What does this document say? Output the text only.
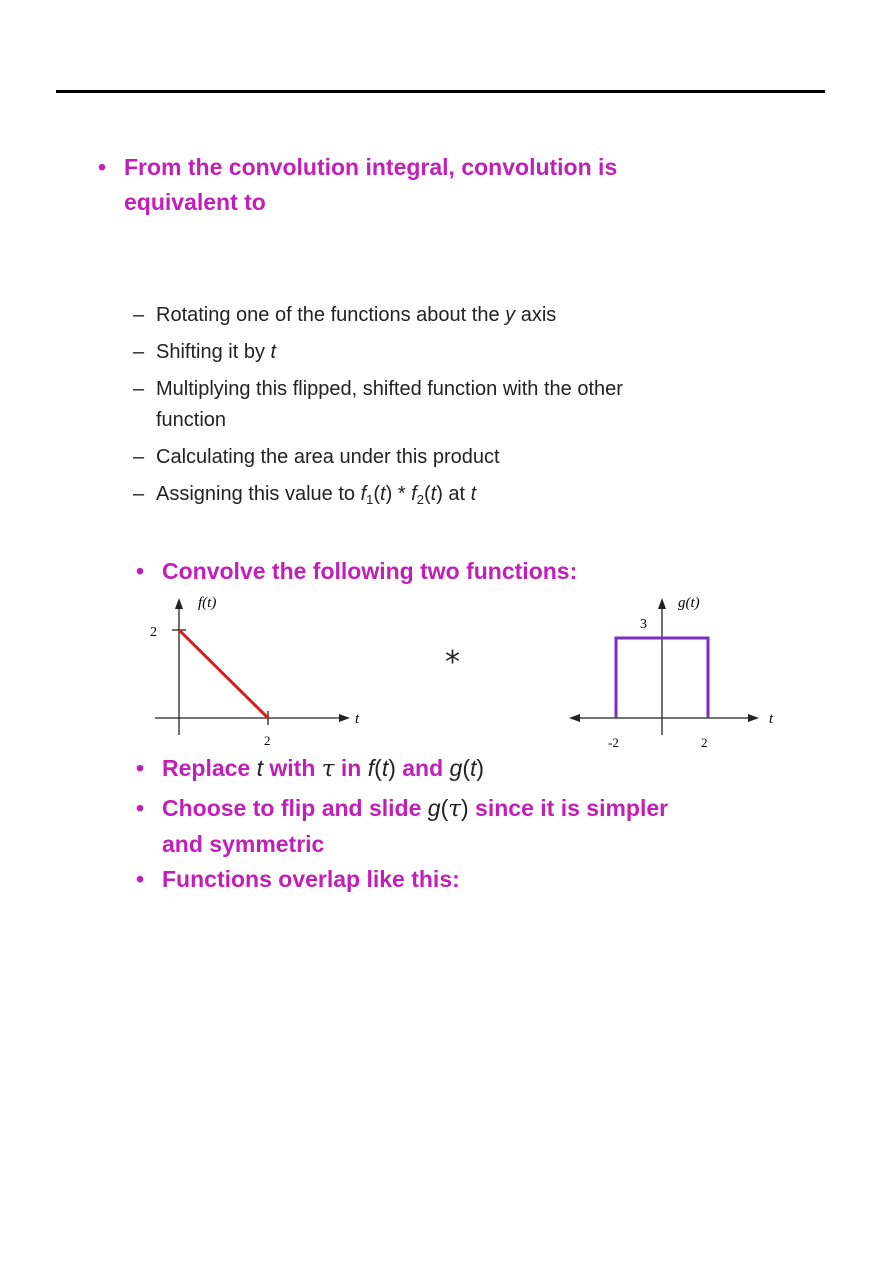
• From the convolution integral, convolution is
equivalent to
– Rotating one of the functions about the y axis
– Shifting it by t
– Multiplying this flipped, shifted function with the other
function
– Calculating the area under this product
– Assigning this value to $f_1(t) * f_2(t)$ at t
• Convolve the following two functions:
2
2
t
f(t)
*
3
-2	2
t
g(t)
• Replace t with τ in f(t) and g(t)
• Choose to flip and slide g(τ) since it is simpler
and symmetric
• Functions overlap like this:
